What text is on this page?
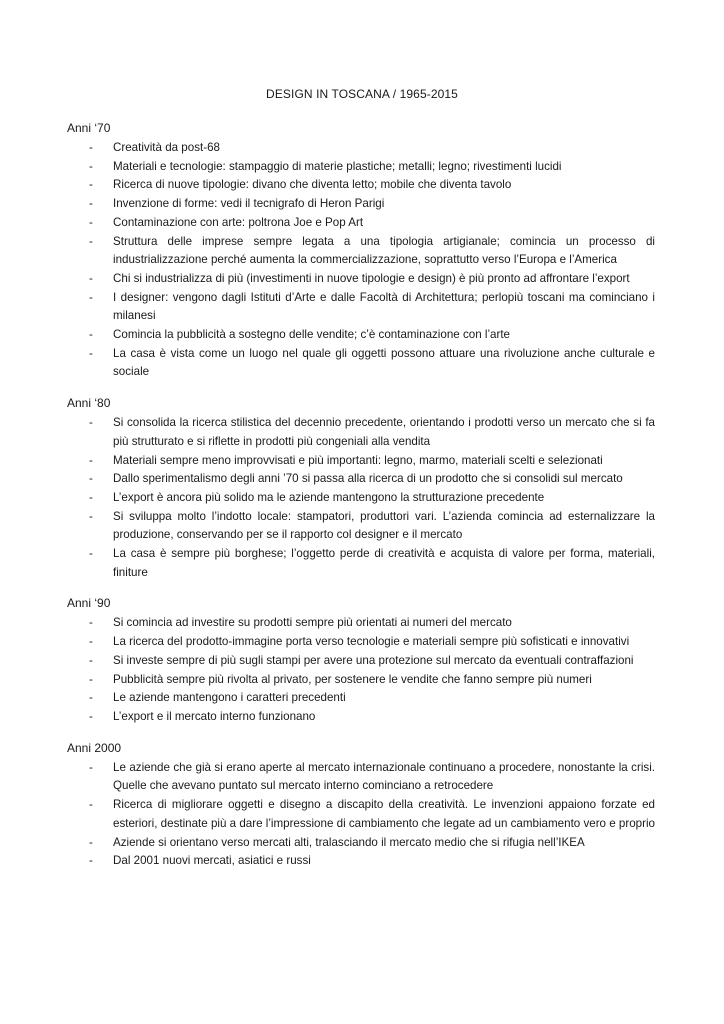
DESIGN IN TOSCANA / 1965-2015
Anni ‘70
- Creatività da post-68
- Materiali e tecnologie: stampaggio di materie plastiche; metalli; legno; rivestimenti lucidi
- Ricerca di nuove tipologie: divano che diventa letto; mobile che diventa tavolo
- Invenzione di forme: vedi il tecnigrafo di Heron Parigi
- Contaminazione con arte: poltrona Joe e Pop Art
- Struttura delle imprese sempre legata a una tipologia artigianale; comincia un processo di industrializzazione perché aumenta la commercializzazione, soprattutto verso l’Europa e l’America
- Chi si industrializza di più (investimenti in nuove tipologie e design) è più pronto ad affrontare l’export
- I designer: vengono dagli Istituti d’Arte e dalle Facoltà di Architettura; perlopiù toscani ma cominciano i milanesi
- Comincia la pubblicità a sostegno delle vendite; c’è contaminazione con l’arte
- La casa è vista come un luogo nel quale gli oggetti possono attuare una rivoluzione anche culturale e sociale
Anni ‘80
- Si consolida la ricerca stilistica del decennio precedente, orientando i prodotti verso un mercato che si fa più strutturato e si riflette in prodotti più congeniali alla vendita
- Materiali sempre meno improvvisati e più importanti: legno, marmo, materiali scelti e selezionati
- Dallo sperimentalismo degli anni ’70 si passa alla ricerca di un prodotto che si consolidi sul mercato
- L’export è ancora più solido ma le aziende mantengono la strutturazione precedente
- Si sviluppa molto l’indotto locale: stampatori, produttori vari. L’azienda comincia ad esternalizzare la produzione, conservando per se il rapporto col designer e il mercato
- La casa è sempre più borghese; l’oggetto perde di creatività e acquista di valore per forma, materiali, finiture
Anni ‘90
- Si comincia ad investire su prodotti sempre più orientati ai numeri del mercato
- La ricerca del prodotto-immagine porta verso tecnologie e materiali sempre più sofisticati e innovativi
- Si investe sempre di più sugli stampi per avere una protezione sul mercato da eventuali contraffazioni
- Pubblicità sempre più rivolta al privato, per sostenere le vendite che fanno sempre più numeri
- Le aziende mantengono i caratteri precedenti
- L’export e il mercato interno funzionano
Anni 2000
- Le aziende che già si erano aperte al mercato internazionale continuano a procedere, nonostante la crisi. Quelle che avevano puntato sul mercato interno cominciano a retrocedere
- Ricerca di migliorare oggetti e disegno a discapito della creatività. Le invenzioni appaiono forzate ed esteriori, destinate più a dare l’impressione di cambiamento che legate ad un cambiamento vero e proprio
- Aziende si orientano verso mercati alti, tralasciando il mercato medio che si rifugia nell’IKEA
- Dal 2001 nuovi mercati, asiatici e russi
